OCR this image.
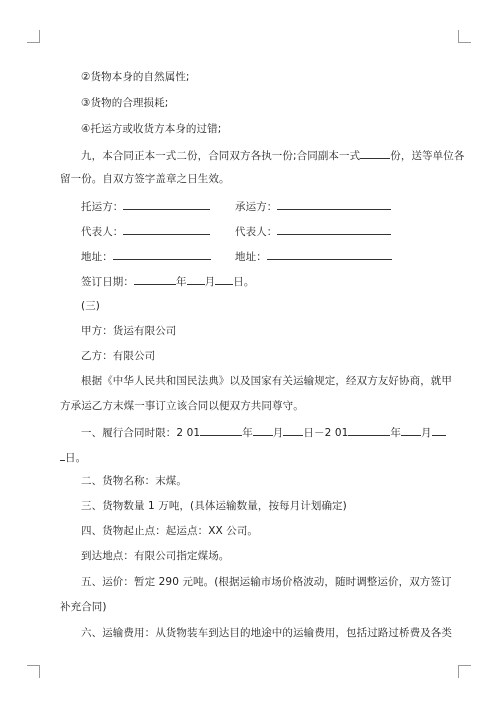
②货物本身的自然属性;
③货物的合理损耗;
④托运方或收货方本身的过错;
九，本合同正本一式二份，合同双方各执一份;合同副本一式	份，送等单位各
留一份。自双方签字盖章之日生效。
托运方：	承运方：
代表人：	代表人：
地址：	地址：
签订日期：	年 月 日。
(三)
甲方：货运有限公司
乙方：有限公司
根据《中华人民共和国民法典》以及国家有关运输规定，经双方友好协商，就甲
方承运乙方末煤一事订立该合同以便双方共同尊守。
一、履行合同时限：2 01	年 月 日－2 01	年 月
日。
二、货物名称：末煤。
三、货物数量 1 万吨，(具体运输数量，按每月计划确定)
四、货物起止点：起运点：XX 公司。
到达地点：有限公司指定煤场。
五、运价：暂定 290 元吨。(根据运输市场价格波动，随时调整运价，双方签订
补充合同)
六、运输费用：从货物装车到达目的地途中的运输费用，包括过路过桥费及各类
